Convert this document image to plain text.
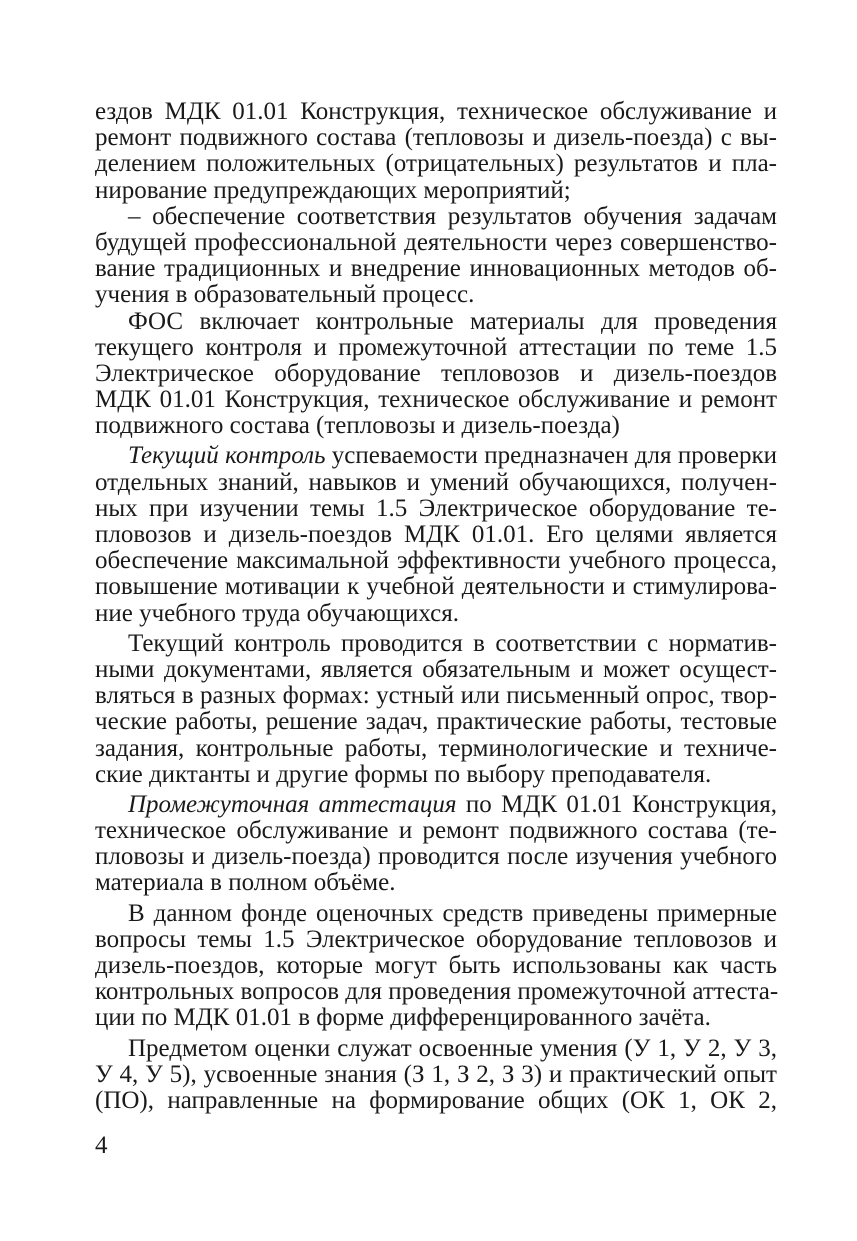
ездов МДК 01.01 Конструкция, техническое обслуживание и
ремонт подвижного состава (тепловозы и дизель-поезда) с вы-
делением положительных (отрицательных) результатов и пла-
нирование предупреждающих мероприятий;
– обеспечение соответствия результатов обучения задачам
будущей профессиональной деятельности через совершенство-
вание традиционных и внедрение инновационных методов об-
учения в образовательный процесс.
ФОС включает контрольные материалы для проведения
текущего контроля и промежуточной аттестации по теме 1.5
Электрическое оборудование тепловозов и дизель-поездов
МДК 01.01 Конструкция, техническое обслуживание и ремонт
подвижного состава (тепловозы и дизель-поезда)
Текущий контроль успеваемости предназначен для проверки
отдельных знаний, навыков и умений обучающихся, получен-
ных при изучении темы 1.5 Электрическое оборудование те-
пловозов и дизель-поездов МДК 01.01. Его целями является
обеспечение максимальной эффективности учебного процесса,
повышение мотивации к учебной деятельности и стимулирова-
ние учебного труда обучающихся.
Текущий контроль проводится в соответствии с норматив-
ными документами, является обязательным и может осущест-
вляться в разных формах: устный или письменный опрос, твор-
ческие работы, решение задач, практические работы, тестовые
задания, контрольные работы, терминологические и техниче-
ские диктанты и другие формы по выбору преподавателя.
Промежуточная аттестация по МДК 01.01 Конструкция,
техническое обслуживание и ремонт подвижного состава (те-
пловозы и дизель-поезда) проводится после изучения учебного
материала в полном объёме.
В данном фонде оценочных средств приведены примерные
вопросы темы 1.5 Электрическое оборудование тепловозов и
дизель-поездов, которые могут быть использованы как часть
контрольных вопросов для проведения промежуточной аттеста-
ции по МДК 01.01 в форме дифференцированного зачёта.
Предметом оценки служат освоенные умения (У 1, У 2, У 3,
У 4, У 5), усвоенные знания (З 1, З 2, З 3) и практический опыт
(ПО), направленные на формирование общих (ОК 1, ОК 2,
4
